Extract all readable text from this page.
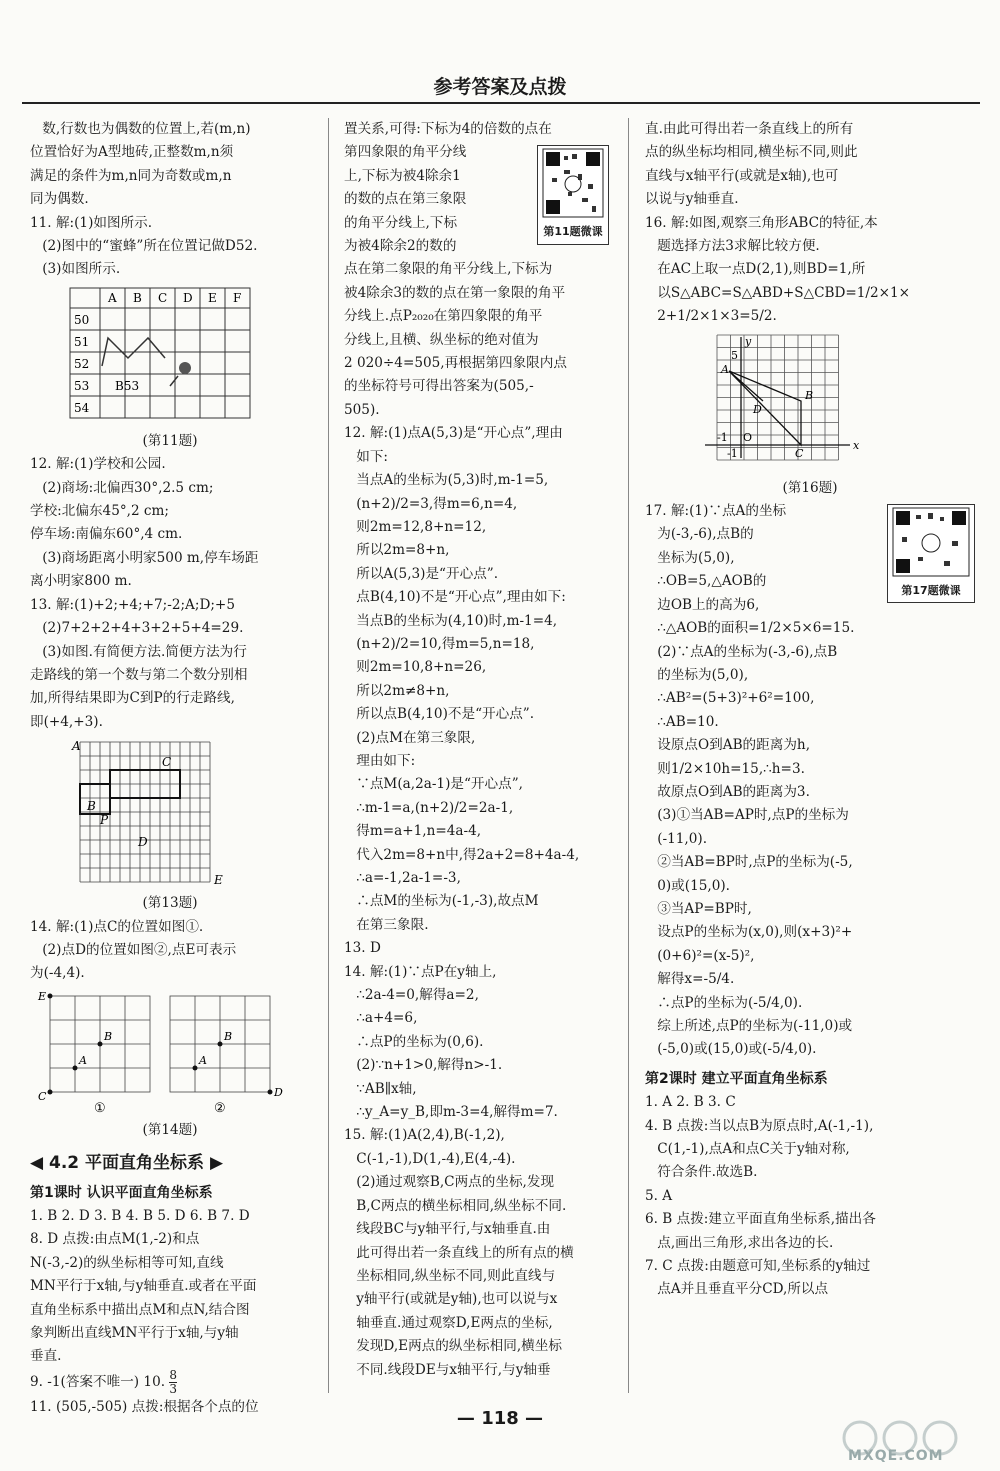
参考答案及点拨

数,行数也为偶数的位置上,若(m,n)

位置恰好为A型地砖,正整数m,n须

满足的条件为m,n同为奇数或m,n

同为偶数.

11. 解:(1)如图所示.

(2)图中的“蜜蜂”所在位置记做D52.

(3)如图所示.

A B C D E F
50
51
52
53
54
B53

(第11题)

12. 解:(1)学校和公园.

(2)商场:北偏西30°,2.5 cm;

学校:北偏东45°,2 cm;

停车场:南偏东60°,4 cm.

(3)商场距离小明家500 m,停车场距

离小明家800 m.

13. 解:(1)+2;+4;+7;-2;A;D;+5

(2)7+2+2+4+3+2+5+4=29.

(3)如图.有简便方法.简便方法为行

走路线的第一个数与第二个数分别相

加,所得结果即为C到P的行走路线,

即(+4,+3).

A
C
B
P
D
E

(第13题)

14. 解:(1)点C的位置如图①.

(2)点D的位置如图②,点E可表示

为(-4,4).

E
B
A
C
B
A
D
①	②

(第14题)

◀ 4.2 平面直角坐标系 ▶

第1课时 认识平面直角坐标系

1. B 2. D 3. B 4. B 5. D 6. B 7. D

8. D 点拨:由点M(1,-2)和点

N(-3,-2)的纵坐标相等可知,直线

MN平行于x轴,与y轴垂直.或者在平面

直角坐标系中描出点M和点N,结合图

象判断出直线MN平行于x轴,与y轴

垂直.

9. -1(答案不唯一) 10. $\frac{8}{3}$

11. (505,-505) 点拨:根据各个点的位

置关系,可得:下标为4的倍数的点在

第11题微课

第四象限的角平分线

上,下标为被4除余1

的数的点在第三象限

的角平分线上,下标

为被4除余2的数的

点在第二象限的角平分线上,下标为

被4除余3的数的点在第一象限的角平

分线上.点P₂₀₂₀在第四象限的角平

分线上,且横、纵坐标的绝对值为

2 020÷4=505,再根据第四象限内点

的坐标符号可得出答案为(505,-

505).

12. 解:(1)点A(5,3)是“开心点”,理由

如下:

当点A的坐标为(5,3)时,m-1=5,

(n+2)/2=3,得m=6,n=4,

则2m=12,8+n=12,

所以2m=8+n,

所以A(5,3)是“开心点”.

点B(4,10)不是“开心点”,理由如下:

当点B的坐标为(4,10)时,m-1=4,

(n+2)/2=10,得m=5,n=18,

则2m=10,8+n=26,

所以2m≠8+n,

所以点B(4,10)不是“开心点”.

(2)点M在第三象限,

理由如下:

∵点M(a,2a-1)是“开心点”,

∴m-1=a,(n+2)/2=2a-1,

得m=a+1,n=4a-4,

代入2m=8+n中,得2a+2=8+4a-4,

∴a=-1,2a-1=-3,

∴点M的坐标为(-1,-3),故点M

在第三象限.

13. D

14. 解:(1)∵点P在y轴上,

∴2a-4=0,解得a=2,

∴a+4=6,

∴点P的坐标为(0,6).

(2)∵n+1>0,解得n>-1.

∵AB∥x轴,

∴y_A=y_B,即m-3=4,解得m=7.

15. 解:(1)A(2,4),B(-1,2),

C(-1,-1),D(1,-4),E(4,-4).

(2)通过观察B,C两点的坐标,发现

B,C两点的横坐标相同,纵坐标不同.

线段BC与y轴平行,与x轴垂直.由

此可得出若一条直线上的所有点的横

坐标相同,纵坐标不同,则此直线与

y轴平行(或就是y轴),也可以说与x

轴垂直.通过观察D,E两点的坐标,

发现D,E两点的纵坐标相同,横坐标

不同.线段DE与x轴平行,与y轴垂

直.由此可得出若一条直线上的所有

点的纵坐标均相同,横坐标不同,则此

直线与x轴平行(或就是x轴),也可

以说与y轴垂直.

16. 解:如图,观察三角形ABC的特征,本

题选择方法3求解比较方便.

在AC上取一点D(2,1),则BD=1,所

以S△ABC=S△ABD+S△CBD=1/2×1×

2+1/2×1×3=5/2.

y
5
A
B
D
-1 O
-1	C
x

(第16题)

第17题微课

17. 解:(1)∵点A的坐标

为(-3,-6),点B的

坐标为(5,0),

∴OB=5,△AOB的

边OB上的高为6,

∴△AOB的面积=1/2×5×6=15.

(2)∵点A的坐标为(-3,-6),点B

的坐标为(5,0),

∴AB²=(5+3)²+6²=100,

∴AB=10.

设原点O到AB的距离为h,

则1/2×10h=15,∴h=3.

故原点O到AB的距离为3.

(3)①当AB=AP时,点P的坐标为

(-11,0).

②当AB=BP时,点P的坐标为(-5,

0)或(15,0).

③当AP=BP时,

设点P的坐标为(x,0),则(x+3)²+

(0+6)²=(x-5)²,

解得x=-5/4.

∴点P的坐标为(-5/4,0).

综上所述,点P的坐标为(-11,0)或

(-5,0)或(15,0)或(-5/4,0).

第2课时 建立平面直角坐标系

1. A 2. B 3. C

4. B 点拨:当以点B为原点时,A(-1,-1),

C(1,-1),点A和点C关于y轴对称,

符合条件.故选B.

5. A

6. B 点拨:建立平面直角坐标系,描出各

点,画出三角形,求出各边的长.

7. C 点拨:由题意可知,坐标系的y轴过

点A并且垂直平分CD,所以点

— 118 —
MXQE.COM
